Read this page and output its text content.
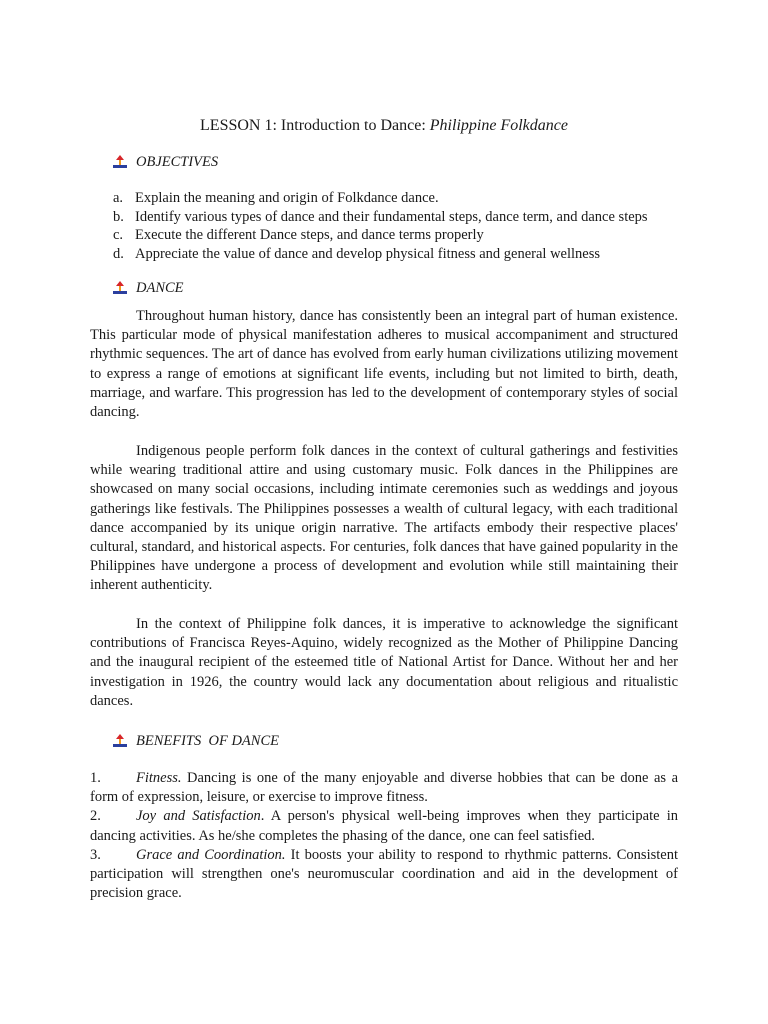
LESSON 1: Introduction to Dance: Philippine Folkdance
OBJECTIVES
a. Explain the meaning and origin of Folkdance dance.
b. Identify various types of dance and their fundamental steps, dance term, and dance steps
c. Execute the different Dance steps, and dance terms properly
d. Appreciate the value of dance and develop physical fitness and general wellness
DANCE

Throughout human history, dance has consistently been an integral part of human existence. This particular mode of physical manifestation adheres to musical accompaniment and structured rhythmic sequences. The art of dance has evolved from early human civilizations utilizing movement to express a range of emotions at significant life events, including but not limited to birth, death, marriage, and warfare. This progression has led to the development of contemporary styles of social dancing.

Indigenous people perform folk dances in the context of cultural gatherings and festivities while wearing traditional attire and using customary music. Folk dances in the Philippines are showcased on many social occasions, including intimate ceremonies such as weddings and joyous gatherings like festivals. The Philippines possesses a wealth of cultural legacy, with each traditional dance accompanied by its unique origin narrative. The artifacts embody their respective places' cultural, standard, and historical aspects. For centuries, folk dances that have gained popularity in the Philippines have undergone a process of development and evolution while still maintaining their inherent authenticity.

In the context of Philippine folk dances, it is imperative to acknowledge the significant contributions of Francisca Reyes-Aquino, widely recognized as the Mother of Philippine Dancing and the inaugural recipient of the esteemed title of National Artist for Dance. Without her and her investigation in 1926, the country would lack any documentation about religious and ritualistic dances.

BENEFITS  OF DANCE
1. Fitness. Dancing is one of the many enjoyable and diverse hobbies that can be done as a form of expression, leisure, or exercise to improve fitness.
2. Joy and Satisfaction. A person's physical well-being improves when they participate in dancing activities. As he/she completes the phasing of the dance, one can feel satisfied.
3. Grace and Coordination. It boosts your ability to respond to rhythmic patterns. Consistent participation will strengthen one's neuromuscular coordination and aid in the development of precision grace.
